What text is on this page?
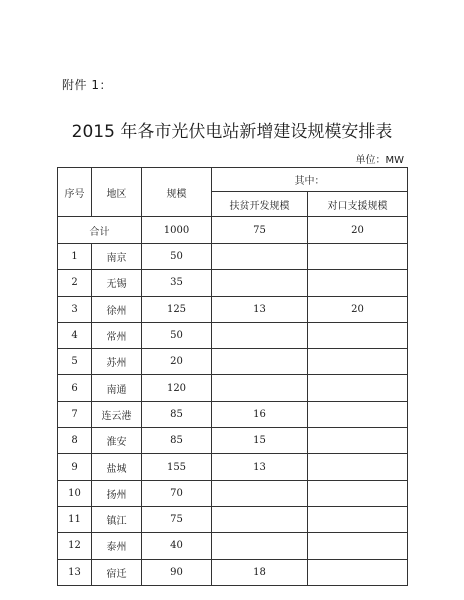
附件 1：
2015 年各市光伏电站新增建设规模安排表
单位：MW
序号	地区	规模	其中：	
			扶贫开发规模	对口支援规模
合计		1000	75	20
1	南京	50		
2	无锡	35		
3	徐州	125	13	20
4	常州	50		
5	苏州	20		
6	南通	120		
7	连云港	85	16	
8	淮安	85	15	
9	盐城	155	13	
10	扬州	70		
11	镇江	75		
12	泰州	40		
13	宿迁	90	18	
